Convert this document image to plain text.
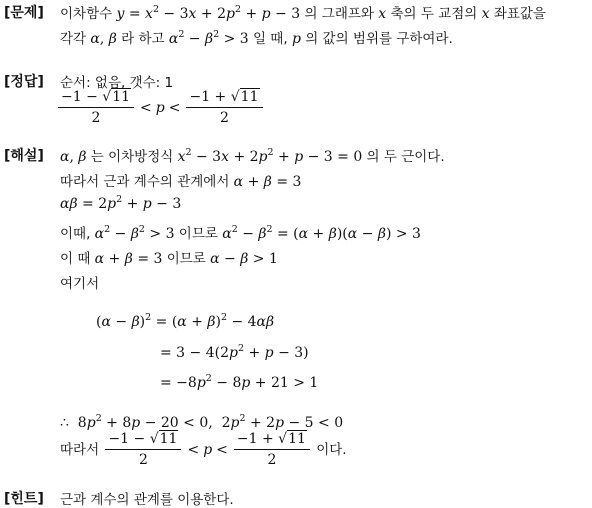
[문제] 이차함수 $y = x^2 - 3x + 2p^2 + p - 3$ 의 그래프와 x 축의 두 교점의 x 좌표값을
각각 α, β 라 하고 $\alpha^2 - \beta^2 > 3$ 일 때, p 의 값의 범위를 구하여라.
[정답] 순서: 없음, 갯수: 1
$\frac{-1 - √11}{2} < p < \frac{-1 + √11}{2}$
[해설] α, β 는 이차방정식 $x^2 - 3x + 2p^2 + p - 3 = 0$ 의 두 근이다.
따라서 근과 계수의 관계에서 α + β = 3
$\alpha\beta = 2p^2 + p - 3$
이때, $\alpha^2 - \beta^2 > 3$ 이므로 $\alpha^2 - \beta^2 = (\alpha + \beta)(\alpha - \beta) > 3$
이 때 α + β = 3 이므로 α − β > 1
여기서
$(\alpha - \beta)^2 = (\alpha + \beta)^2 - 4\alpha\beta$
= $3 - 4(2p^2 + p - 3)$
= $-8p^2 - 8p + 21 > 1$
∴  $8p^2 + 8p - 20 < 0$,  $2p^2 + 2p - 5 < 0$
따라서 $\frac{-1 - √11}{2} < p < \frac{-1 + √11}{2}$ 이다.
[힌트] 근과 계수의 관계를 이용한다.
